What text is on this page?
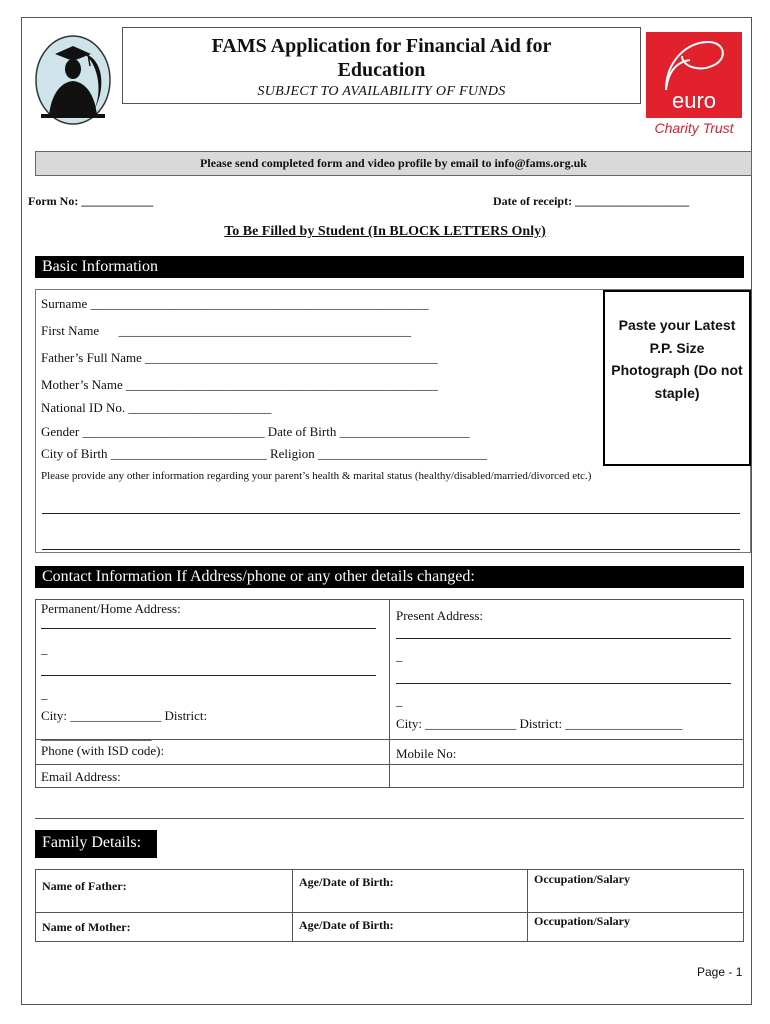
FAMS Application for Financial Aid for
Education
SUBJECT TO AVAILABILITY OF FUNDS	euro
Charity Trust
Please send completed form and video profile by email to info@fams.org.uk
Form No: ____________	Date of receipt: ___________________
To Be Filled by Student (In BLOCK LETTERS Only)
Basic Information
Surname ____________________________________________________
First Name      _____________________________________________
Father’s Full Name _____________________________________________
Mother’s Name ________________________________________________
National ID No. ______________________
Gender ____________________________ Date of Birth ____________________
City of Birth ________________________ Religion __________________________
Paste your Latest P.P. Size Photograph (Do not staple)
Please provide any other information regarding your parent’s health & marital status (healthy/disabled/married/divorced etc.)
Contact Information If Address/phone or any other details changed:
Permanent/Home Address:
_
_
City: ______________ District:
_________________
Present Address:
_
_
City: ______________ District: __________________
Phone (with ISD code):	Mobile No:
Email Address:
Family Details:
Name of Father:	Age/Date of Birth:	Occupation/Salary
Name of Mother:	Age/Date of Birth:	Occupation/Salary
Page - 1
